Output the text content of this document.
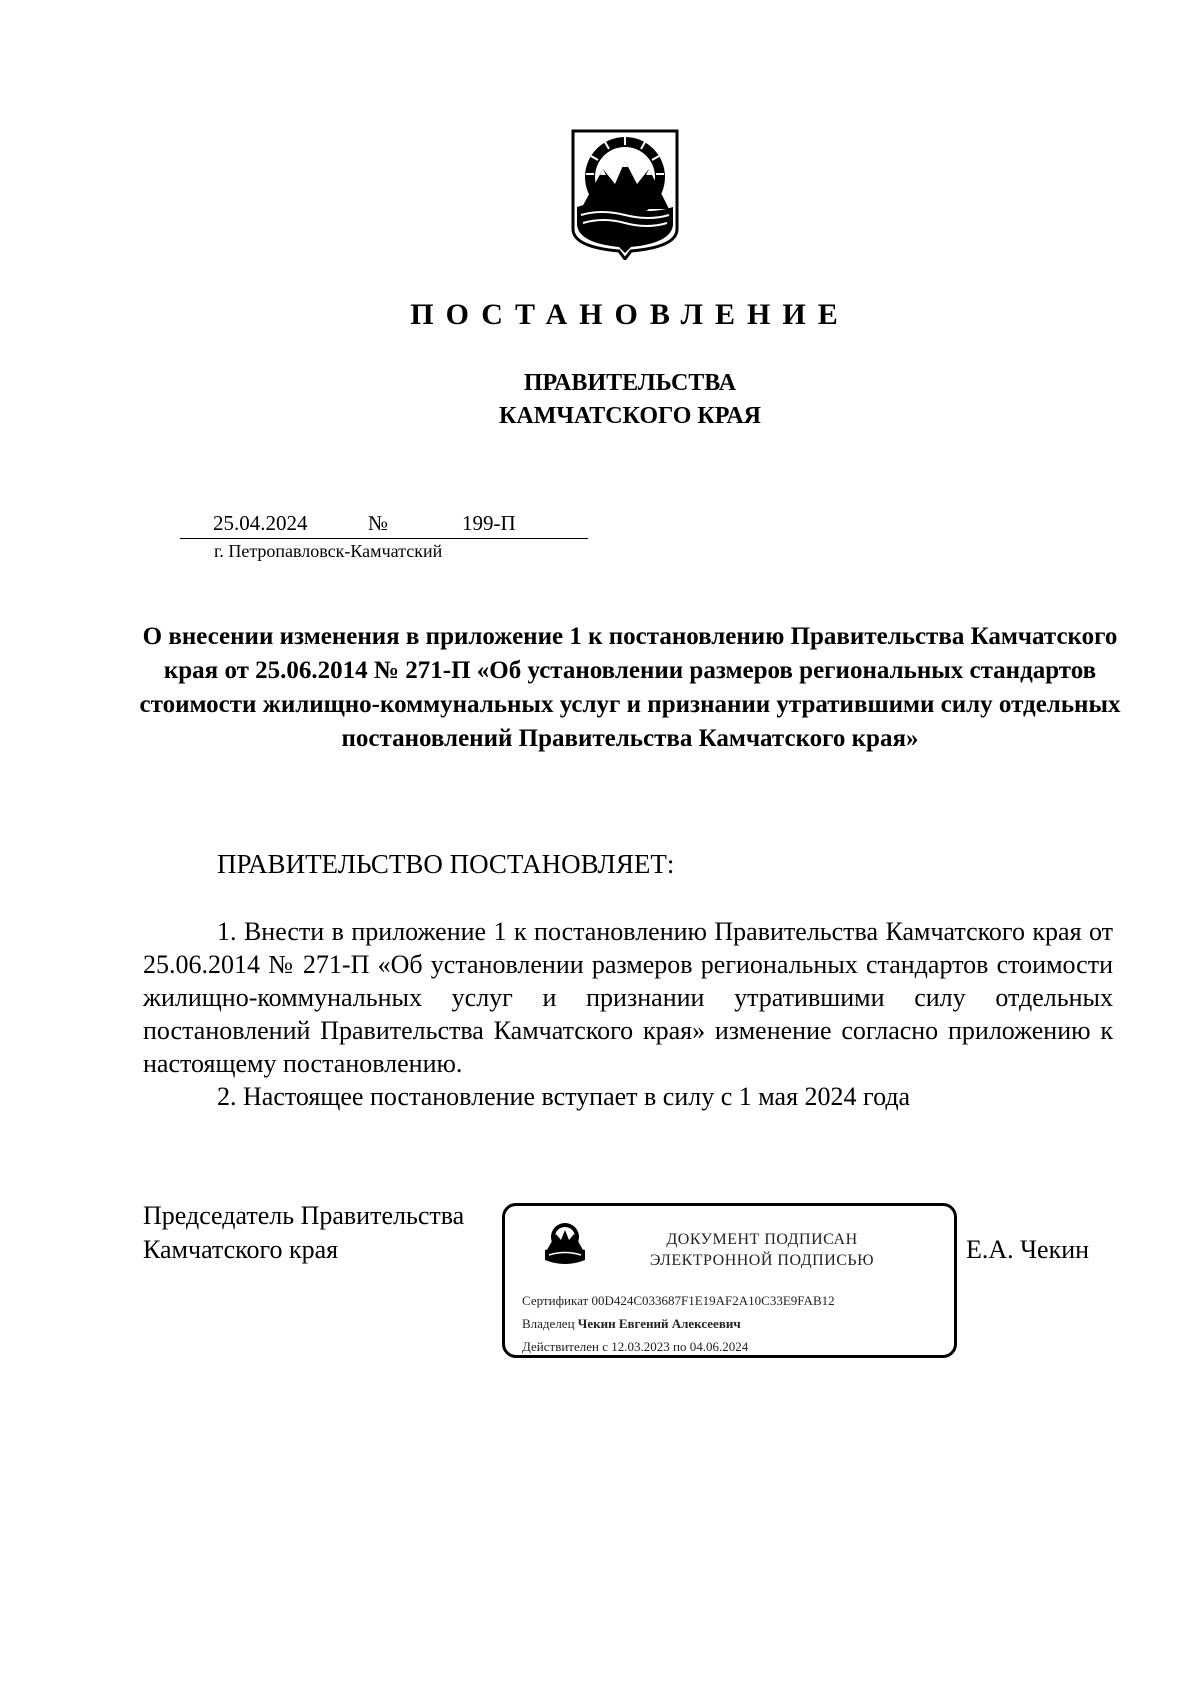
ПОСТАНОВЛЕНИЕ
ПРАВИТЕЛЬСТВА
КАМЧАТСКОГО КРАЯ
25.04.2024	№	199-П
г. Петропавловск-Камчатский
О внесении изменения в приложение 1 к постановлению Правительства Камчатского края от 25.06.2014 № 271-П «Об установлении размеров региональных стандартов стоимости жилищно-коммунальных услуг и признании утратившими силу отдельных постановлений Правительства Камчатского края»
ПРАВИТЕЛЬСТВО ПОСТАНОВЛЯЕТ:
1. Внести в приложение 1 к постановлению Правительства Камчатского края от 25.06.2014 № 271-П «Об установлении размеров региональных стандартов стоимости жилищно-коммунальных услуг и признании утратившими силу отдельных постановлений Правительства Камчатского края» изменение согласно приложению к настоящему постановлению.
2. Настоящее постановление вступает в силу с 1 мая 2024 года
Председатель Правительства
Камчатского края	Е.А. Чекин
ДОКУМЕНТ ПОДПИСАН
ЭЛЕКТРОННОЙ ПОДПИСЬЮ
Сертификат 00D424C033687F1E19AF2A10C33E9FAB12
Владелец Чекин Евгений Алексеевич
Действителен с 12.03.2023 по 04.06.2024
